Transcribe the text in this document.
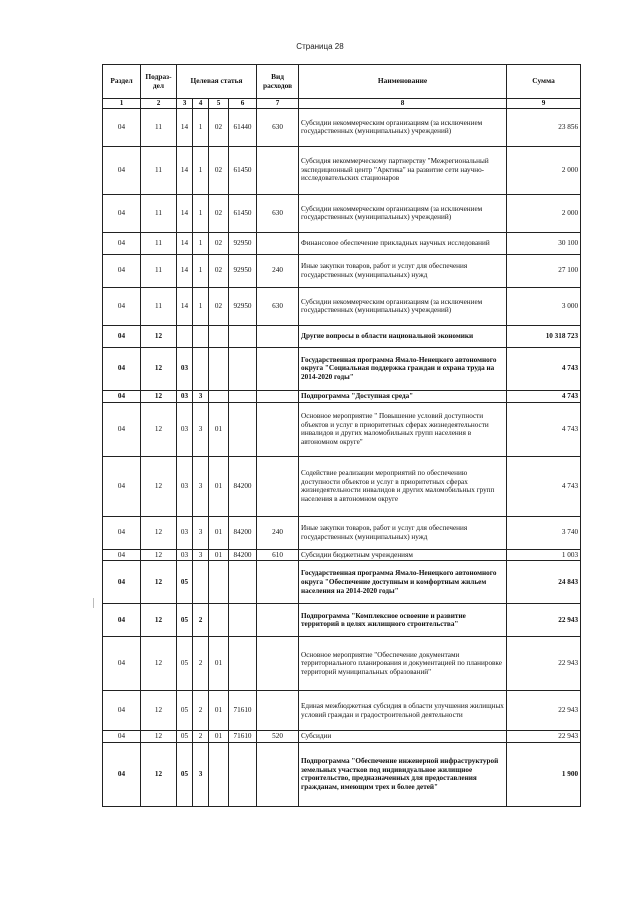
Страница 28
Раздел	Подраз-дел	Целевая статья				Вид расходов	Наименование	Сумма
1	2	3	4	5	6	7	8	9
04	11	14	1	02	61440	630	Субсидии некоммерческим организациям (за исключением государственных (муниципальных) учреждений)	23 856
04	11	14	1	02	61450		Субсидия некоммерческому партнерству "Межрегиональный экспедиционный центр "Арктика" на развитие сети научно-исследовательских стационаров	2 000
04	11	14	1	02	61450	630	Субсидии некоммерческим организациям (за исключением государственных (муниципальных) учреждений)	2 000
04	11	14	1	02	92950		Финансовое обеспечение прикладных научных исследований	30 100
04	11	14	1	02	92950	240	Иные закупки товаров, работ и услуг для обеспечения государственных (муниципальных) нужд	27 100
04	11	14	1	02	92950	630	Субсидии некоммерческим организациям (за исключением государственных (муниципальных) учреждений)	3 000
04	12						Другие вопросы в области национальной экономики	10 318 723
04	12	03					Государственная программа Ямало-Ненецкого автономного округа "Социальная поддержка граждан и охрана труда на 2014-2020 годы"	4 743
04	12	03	3				Подпрограмма "Доступная среда"	4 743
04	12	03	3	01			Основное мероприятие " Повышение условий доступности объектов и услуг в приоритетных сферах жизнедеятельности инвалидов и других маломобильных групп населения в автономном округе"	4 743
04	12	03	3	01	84200		Содействие реализации мероприятий по обеспечению доступности объектов и услуг в приоритетных сферах жизнедеятельности инвалидов и других маломобильных групп населения в автономном округе	4 743
04	12	03	3	01	84200	240	Иные закупки товаров, работ и услуг для обеспечения государственных (муниципальных) нужд	3 740
04	12	03	3	01	84200	610	Субсидии бюджетным учреждениям	1 003
04	12	05					Государственная программа Ямало-Ненецкого автономного округа "Обеспечение доступным и комфортным жильем населения на 2014-2020 годы"	24 843
04	12	05	2				Подпрограмма "Комплексное освоение и развитие территорий в целях жилищного строительства"	22 943
04	12	05	2	01			Основное мероприятие "Обеспечение документами территориального планирования и документацией по планировке территорий муниципальных образований"	22 943
04	12	05	2	01	71610		Единая межбюджетная субсидия в области улучшения жилищных условий граждан и градостроительной деятельности	22 943
04	12	05	2	01	71610	520	Субсидии	22 943
04	12	05	3				Подпрограмма "Обеспечение инженерной инфраструктурой земельных участков под индивидуальное жилищное строительство, предназначенных для предоставления гражданам, имеющим трех и более детей"	1 900
